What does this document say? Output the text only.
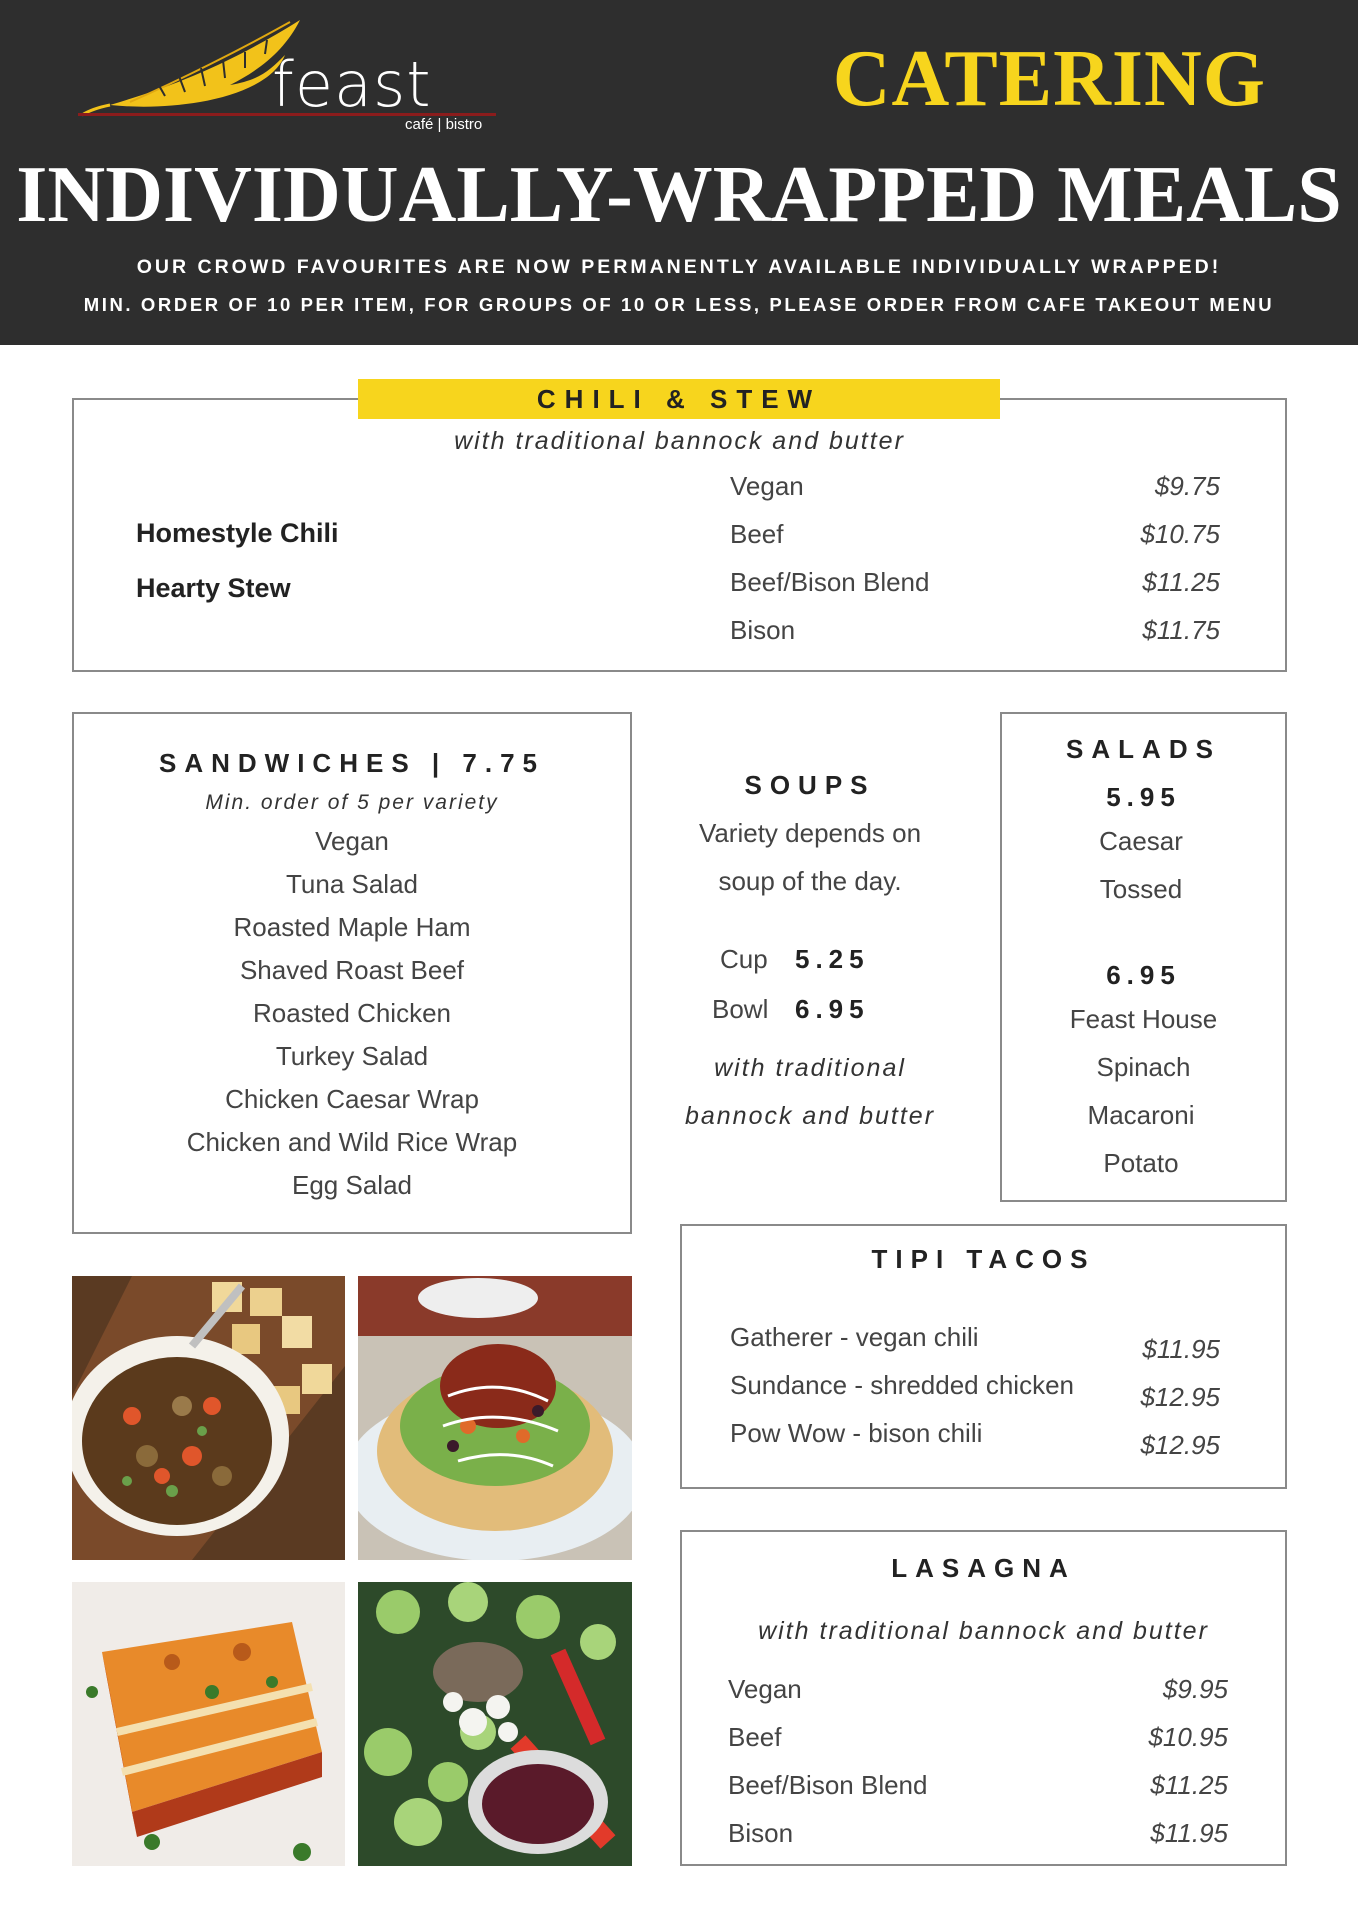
feast
café | bistro
CATERING
INDIVIDUALLY-WRAPPED MEALS
OUR CROWD FAVOURITES ARE NOW PERMANENTLY AVAILABLE INDIVIDUALLY WRAPPED!
MIN. ORDER OF 10 PER ITEM, FOR GROUPS OF 10 OR LESS, PLEASE ORDER FROM CAFE TAKEOUT MENU
CHILI & STEW
with traditional bannock and butter
Homestyle Chili
Hearty Stew
Vegan	$9.75
Beef	$10.75
Beef/Bison Blend	$11.25
Bison	$11.75
SANDWICHES | 7.75
Min. order of 5 per variety
Vegan
Tuna Salad
Roasted Maple Ham
Shaved Roast Beef
Roasted Chicken
Turkey Salad
Chicken Caesar Wrap
Chicken and Wild Rice Wrap
Egg Salad
SOUPS
Variety depends on
soup of the day.
Cup 5.25
Bowl 6.95
with traditional
bannock and butter
SALADS
5.95
Caesar
Tossed
6.95
Feast House
Spinach
Macaroni
Potato
TIPI TACOS
Gatherer - vegan chili	$11.95
Sundance - shredded chicken	$12.95
Pow Wow - bison chili	$12.95
LASAGNA
with traditional bannock and butter
Vegan	$9.95
Beef	$10.95
Beef/Bison Blend	$11.25
Bison	$11.95
